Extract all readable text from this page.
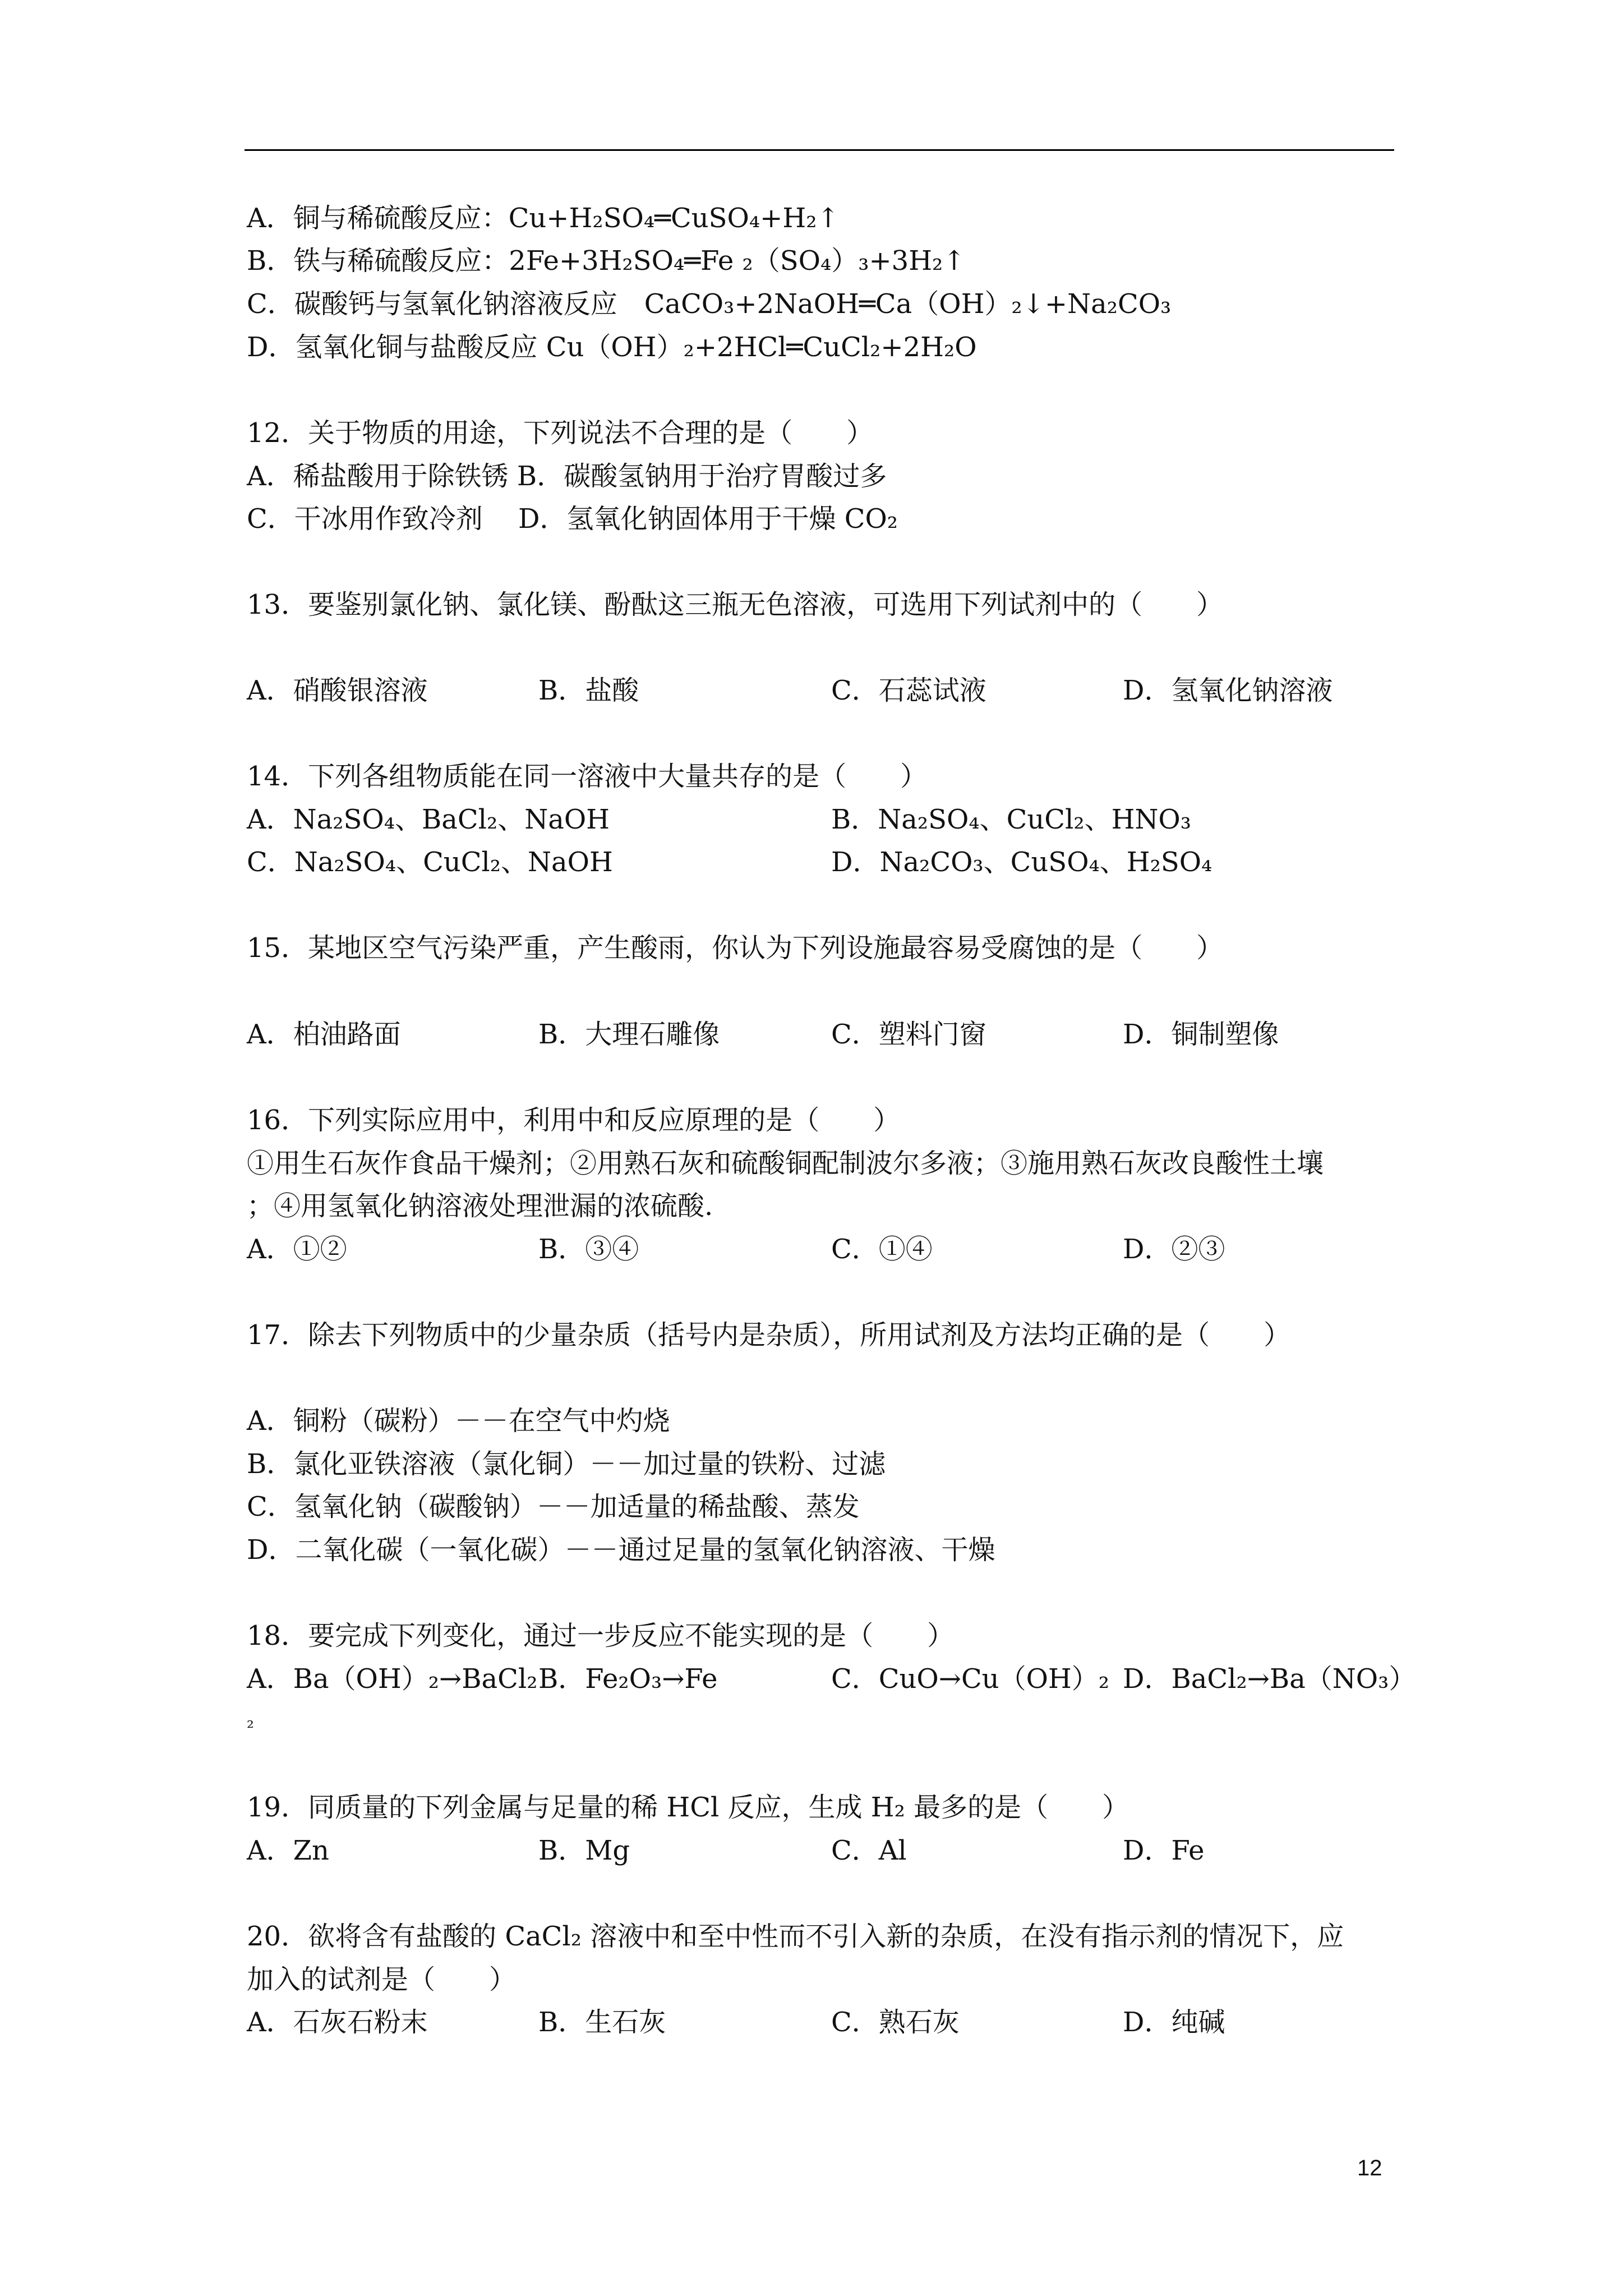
A．铜与稀硫酸反应：Cu+H₂SO₄═CuSO₄+H₂↑
B．铁与稀硫酸反应：2Fe+3H₂SO₄═Fe ₂（SO₄）₃+3H₂↑
C．碳酸钙与氢氧化钠溶液反应　CaCO₃+2NaOH═Ca（OH）₂↓+Na₂CO₃
D．氢氧化铜与盐酸反应 Cu（OH）₂+2HCl═CuCl₂+2H₂O
12．关于物质的用途，下列说法不合理的是（　　）
A．稀盐酸用于除铁锈 B．碳酸氢钠用于治疗胃酸过多
C．干冰用作致冷剂　 D．氢氧化钠固体用于干燥 CO₂
13．要鉴别氯化钠、氯化镁、酚酞这三瓶无色溶液，可选用下列试剂中的（　　）
A．硝酸银溶液	B．盐酸	C．石蕊试液	D．氢氧化钠溶液
14．下列各组物质能在同一溶液中大量共存的是（　　）
A．Na₂SO₄、BaCl₂、NaOH	B．Na₂SO₄、CuCl₂、HNO₃
C．Na₂SO₄、CuCl₂、NaOH	D．Na₂CO₃、CuSO₄、H₂SO₄
15．某地区空气污染严重，产生酸雨，你认为下列设施最容易受腐蚀的是（　　）
A．柏油路面	B．大理石雕像	C．塑料门窗	D．铜制塑像
16．下列实际应用中，利用中和反应原理的是（　　）
①用生石灰作食品干燥剂；②用熟石灰和硫酸铜配制波尔多液；③施用熟石灰改良酸性土壤
；④用氢氧化钠溶液处理泄漏的浓硫酸.
A．①②	B．③④	C．①④	D．②③
17．除去下列物质中的少量杂质（括号内是杂质），所用试剂及方法均正确的是（　　）
A．铜粉（碳粉）－－在空气中灼烧
B．氯化亚铁溶液（氯化铜）－－加过量的铁粉、过滤
C．氢氧化钠（碳酸钠）－－加适量的稀盐酸、蒸发
D．二氧化碳（一氧化碳）－－通过足量的氢氧化钠溶液、干燥
18．要完成下列变化，通过一步反应不能实现的是（　　）
A．Ba（OH）₂→BaCl₂ B．Fe₂O₃→Fe	C．CuO→Cu（OH）₂ D．BaCl₂→Ba（NO₃）
₂
19．同质量的下列金属与足量的稀 HCl 反应，生成 H₂ 最多的是（　　）
A．Zn	B．Mg	C．Al	D．Fe
20．欲将含有盐酸的 CaCl₂ 溶液中和至中性而不引入新的杂质，在没有指示剂的情况下，应
加入的试剂是（　　）
A．石灰石粉末	B．生石灰	C．熟石灰	D．纯碱
12
